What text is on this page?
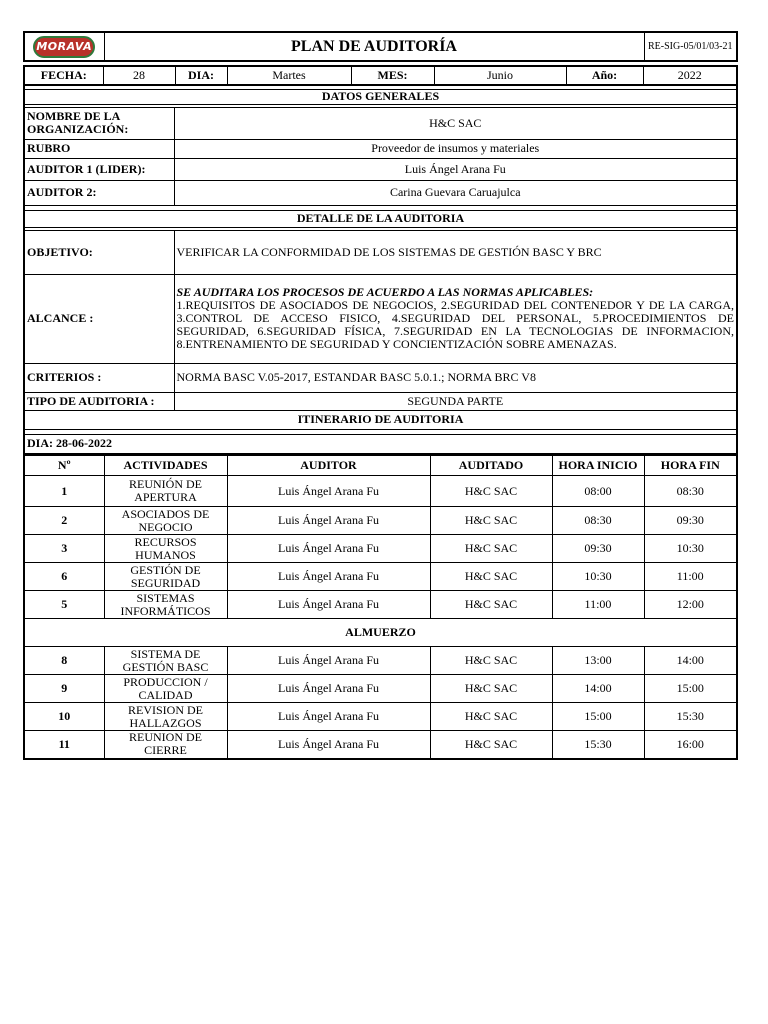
MORAVA	PLAN DE AUDITORÍA	RE-SIG-05/01/03-21
FECHA:	28	DIA:	Martes	MES:	Junio	Año:	2022

DATOS GENERALES	

NOMBRE DE LA ORGANIZACIÓN:	H&C SAC
RUBRO	Proveedor de insumos y materiales
AUDITOR 1 (LIDER):	Luis Ángel Arana Fu
AUDITOR 2:	Carina Guevara Caruajulca

DETALLE DE LA AUDITORIA	

OBJETIVO:	VERIFICAR LA CONFORMIDAD DE LOS SISTEMAS DE GESTIÓN BASC Y BRC
ALCANCE :	SE AUDITARA LOS PROCESOS DE ACUERDO A LAS NORMAS APLICABLES:
1.REQUISITOS DE ASOCIADOS DE NEGOCIOS, 2.SEGURIDAD DEL CONTENEDOR Y DE LA CARGA, 3.CONTROL DE ACCESO FISICO, 4.SEGURIDAD DEL PERSONAL, 5.PROCEDIMIENTOS DE SEGURIDAD, 6.SEGURIDAD FÍSICA, 7.SEGURIDAD EN LA TECNOLOGIAS DE INFORMACION, 8.ENTRENAMIENTO DE SEGURIDAD Y CONCIENTIZACIÓN SOBRE AMENAZAS.

CRITERIOS :	NORMA BASC V.05-2017, ESTANDAR BASC 5.0.1.; NORMA BRC V8
TIPO DE AUDITORIA :	SEGUNDA PARTE
ITINERARIO DE AUDITORIA	

DIA: 28-06-2022	
Nº	ACTIVIDADES	AUDITOR	AUDITADO	HORA INICIO	HORA FIN
1	REUNIÓN DE APERTURA	Luis Ángel Arana Fu	H&C SAC	08:00	08:30
2	ASOCIADOS DE NEGOCIO	Luis Ángel Arana Fu	H&C SAC	08:30	09:30
3	RECURSOS HUMANOS	Luis Ángel Arana Fu	H&C SAC	09:30	10:30
6	GESTIÓN DE SEGURIDAD	Luis Ángel Arana Fu	H&C SAC	10:30	11:00
5	SISTEMAS INFORMÁTICOS	Luis Ángel Arana Fu	H&C SAC	11:00	12:00
ALMUERZO					
8	SISTEMA DE GESTIÓN BASC	Luis Ángel Arana Fu	H&C SAC	13:00	14:00
9	PRODUCCION / CALIDAD	Luis Ángel Arana Fu	H&C SAC	14:00	15:00
10	REVISION DE HALLAZGOS	Luis Ángel Arana Fu	H&C SAC	15:00	15:30
11	REUNION DE CIERRE	Luis Ángel Arana Fu	H&C SAC	15:30	16:00
